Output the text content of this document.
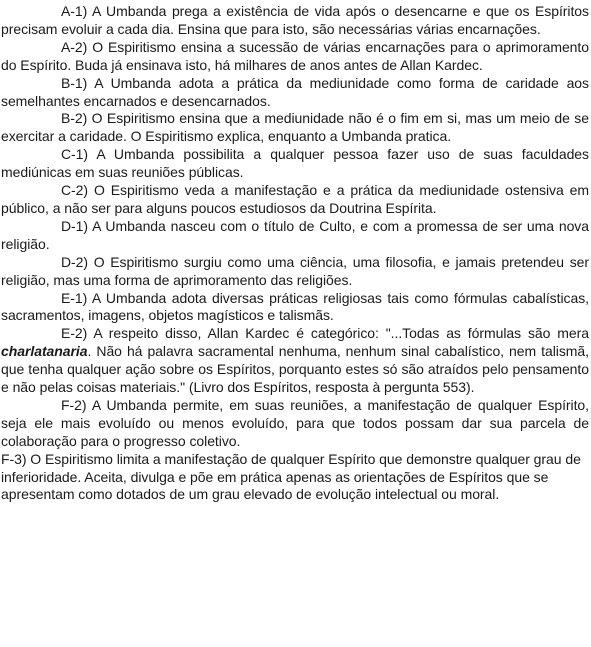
A-1) A Umbanda prega a existência de vida após o desencarne e que os Espíritos precisam evoluir a cada dia. Ensina que para isto, são necessárias várias encarnações.

A-2) O Espiritismo ensina a sucessão de várias encarnações para o aprimoramento do Espírito. Buda já ensinava isto, há milhares de anos antes de Allan Kardec.

B-1) A Umbanda adota a prática da mediunidade como forma de caridade aos semelhantes encarnados e desencarnados.

B-2) O Espiritismo ensina que a mediunidade não é o fim em si, mas um meio de se exercitar a caridade. O Espiritismo explica, enquanto a Umbanda pratica.

C-1) A Umbanda possibilita a qualquer pessoa fazer uso de suas faculdades mediúnicas em suas reuniões públicas.

C-2) O Espiritismo veda a manifestação e a prática da mediunidade ostensiva em público, a não ser para alguns poucos estudiosos da Doutrina Espírita.

D-1) A Umbanda nasceu com o título de Culto, e com a promessa de ser uma nova religião.

D-2) O Espiritismo surgiu como uma ciência, uma filosofia, e jamais pretendeu ser religião, mas uma forma de aprimoramento das religiões.

E-1) A Umbanda adota diversas práticas religiosas tais como fórmulas cabalísticas, sacramentos, imagens, objetos magísticos e talismãs.

E-2) A respeito disso, Allan Kardec é categórico: "...Todas as fórmulas são mera charlatanaria. Não há palavra sacramental nenhuma, nenhum sinal cabalístico, nem talismã, que tenha qualquer ação sobre os Espíritos, porquanto estes só são atraídos pelo pensamento e não pelas coisas materiais." (Livro dos Espíritos, resposta à pergunta 553).

F-2) A Umbanda permite, em suas reuniões, a manifestação de qualquer Espírito, seja ele mais evoluído ou menos evoluído, para que todos possam dar sua parcela de colaboração para o progresso coletivo.

F-3) O Espiritismo limita a manifestação de qualquer Espírito que demonstre qualquer grau de inferioridade. Aceita, divulga e põe em prática apenas as orientações de Espíritos que se apresentam como dotados de um grau elevado de evolução intelectual ou moral.
